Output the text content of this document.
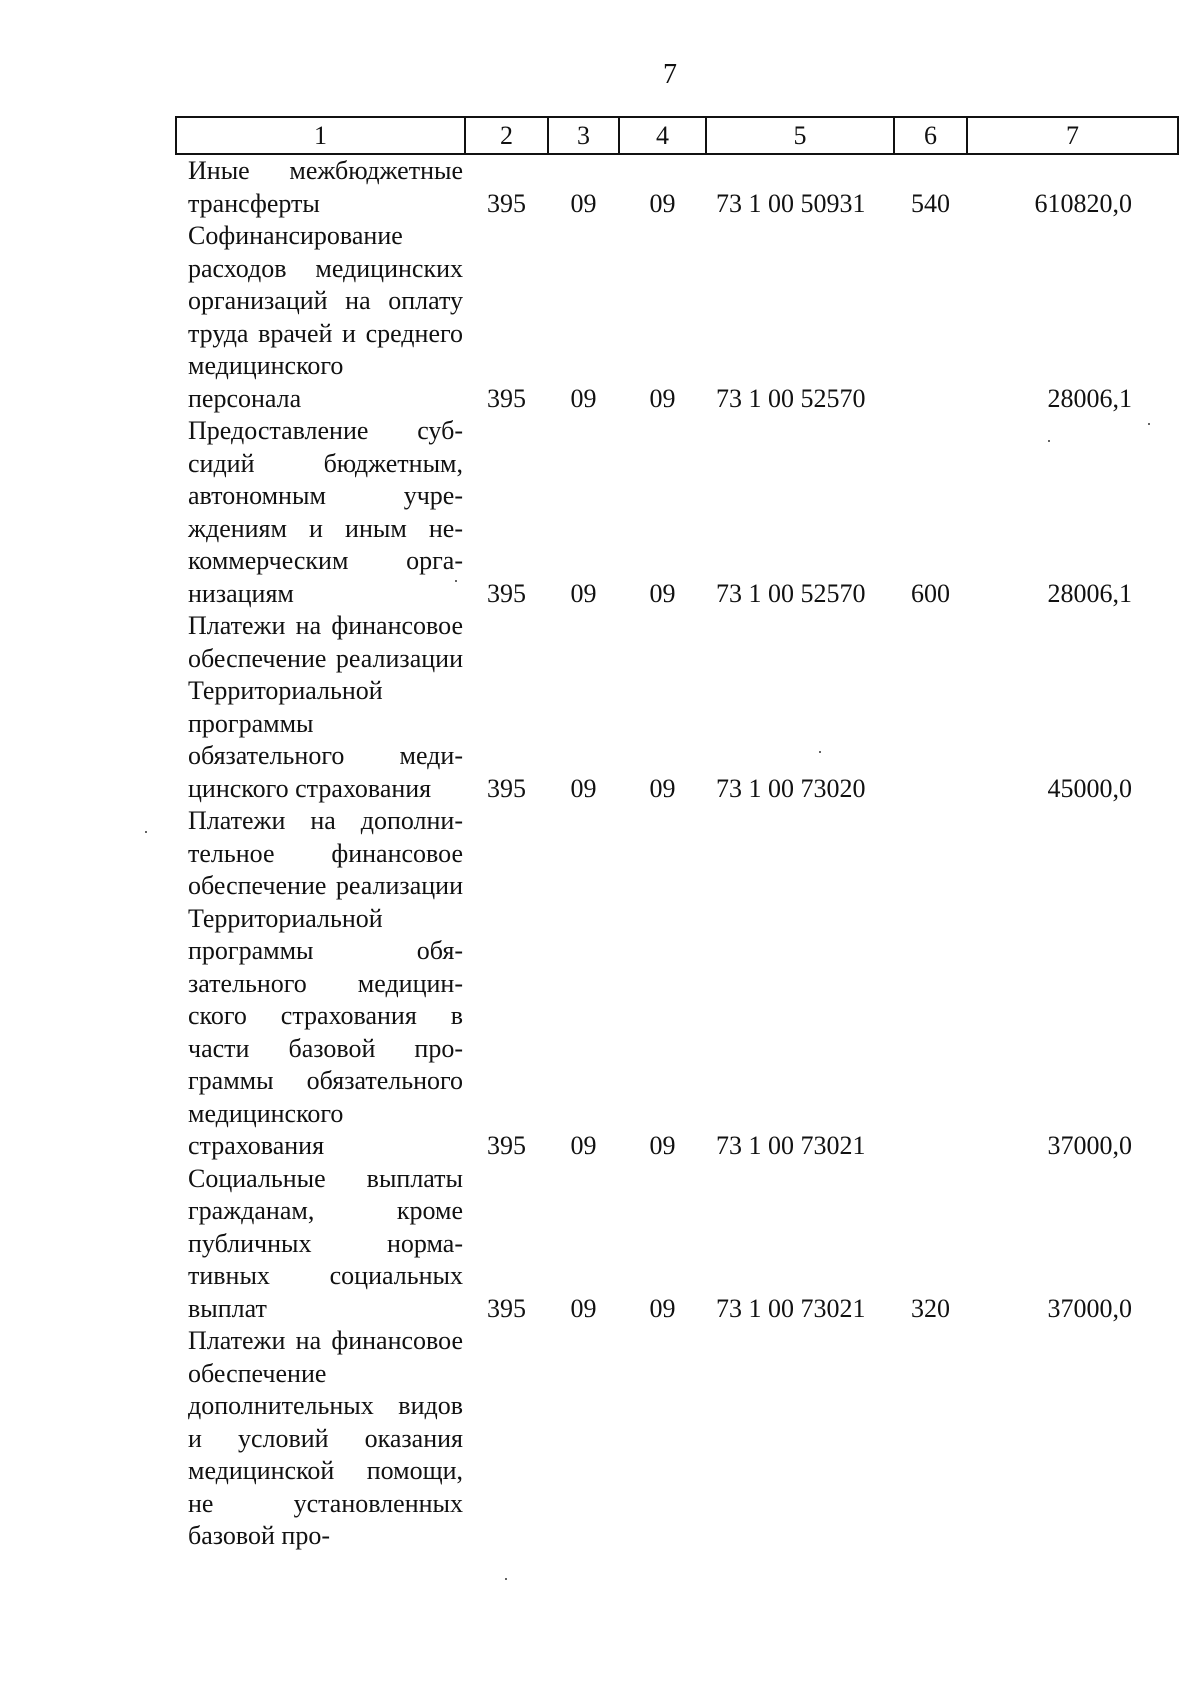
7
1	2	3	4	5	6	7
Иные межбюджетные трансферты	395	09	09	73 1 00 50931	540	610820,0
Софинансирование расходов медицинских организаций на оплату труда врачей и среднего медицинского персонала	395	09	09	73 1 00 52570		28006,1
Предоставление субсидий бюджетным, автономным учреждениям и иным некоммерческим организациям	395	09	09	73 1 00 52570	600	28006,1
Платежи на финансовое обеспечение реализации Территориальной программы обязательного медицинского страхования	395	09	09	73 1 00 73020		45000,0
Платежи на дополнительное финансовое обеспечение реализации Территориальной программы обязательного медицинского страхования в части базовой программы обязательного медицинского страхования	395	09	09	73 1 00 73021		37000,0
Социальные выплаты гражданам, кроме публичных нормативных социальных выплат	395	09	09	73 1 00 73021	320	37000,0
Платежи на финансовое обеспечение дополнительных видов и условий оказания медицинской помощи, не установленных базовой про-						
